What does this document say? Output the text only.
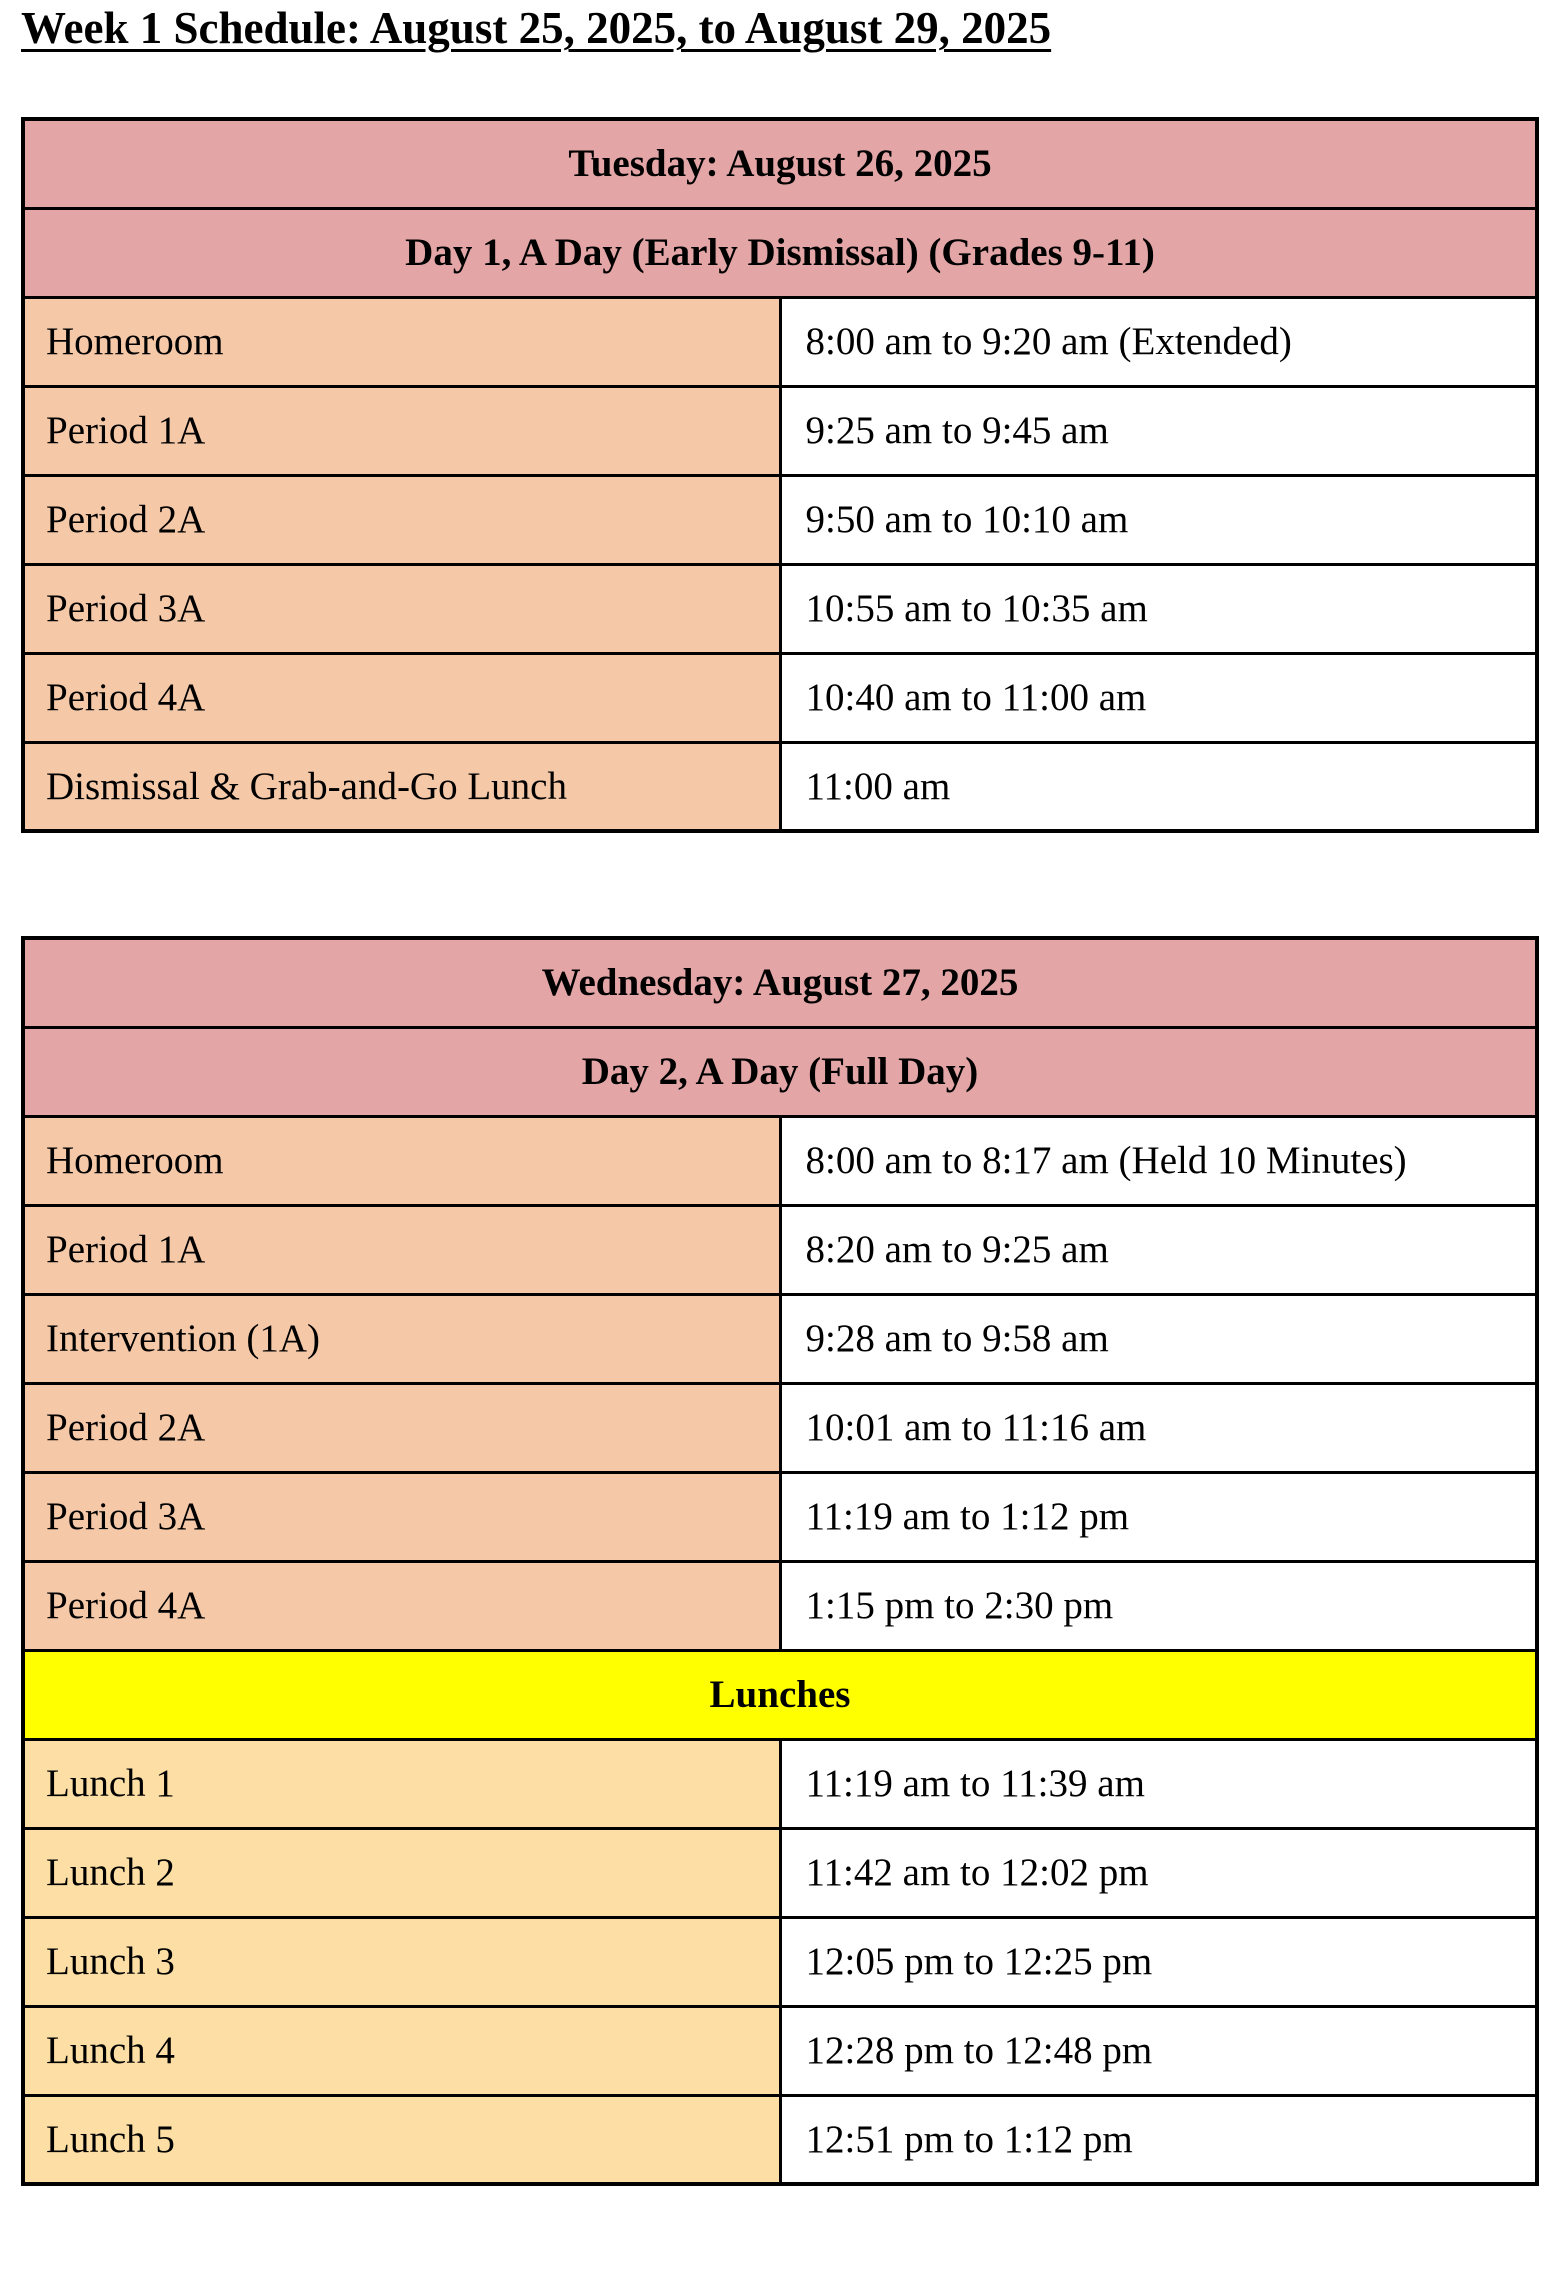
Week 1 Schedule: August 25, 2025, to August 29, 2025
Tuesday: August 26, 2025	
Day 1, A Day (Early Dismissal) (Grades 9-11)	
Homeroom	8:00 am to 9:20 am (Extended)
Period 1A	9:25 am to 9:45 am
Period 2A	9:50 am to 10:10 am
Period 3A	10:55 am to 10:35 am
Period 4A	10:40 am to 11:00 am
Dismissal & Grab-and-Go Lunch	11:00 am
Wednesday: August 27, 2025	
Day 2, A Day (Full Day)	
Homeroom	8:00 am to 8:17 am (Held 10 Minutes)
Period 1A	8:20 am to 9:25 am
Intervention (1A)	9:28 am to 9:58 am
Period 2A	10:01 am to 11:16 am
Period 3A	11:19 am to 1:12 pm
Period 4A	1:15 pm to 2:30 pm
Lunches	
Lunch 1	11:19 am to 11:39 am
Lunch 2	11:42 am to 12:02 pm
Lunch 3	12:05 pm to 12:25 pm
Lunch 4	12:28 pm to 12:48 pm
Lunch 5	12:51 pm to 1:12 pm
